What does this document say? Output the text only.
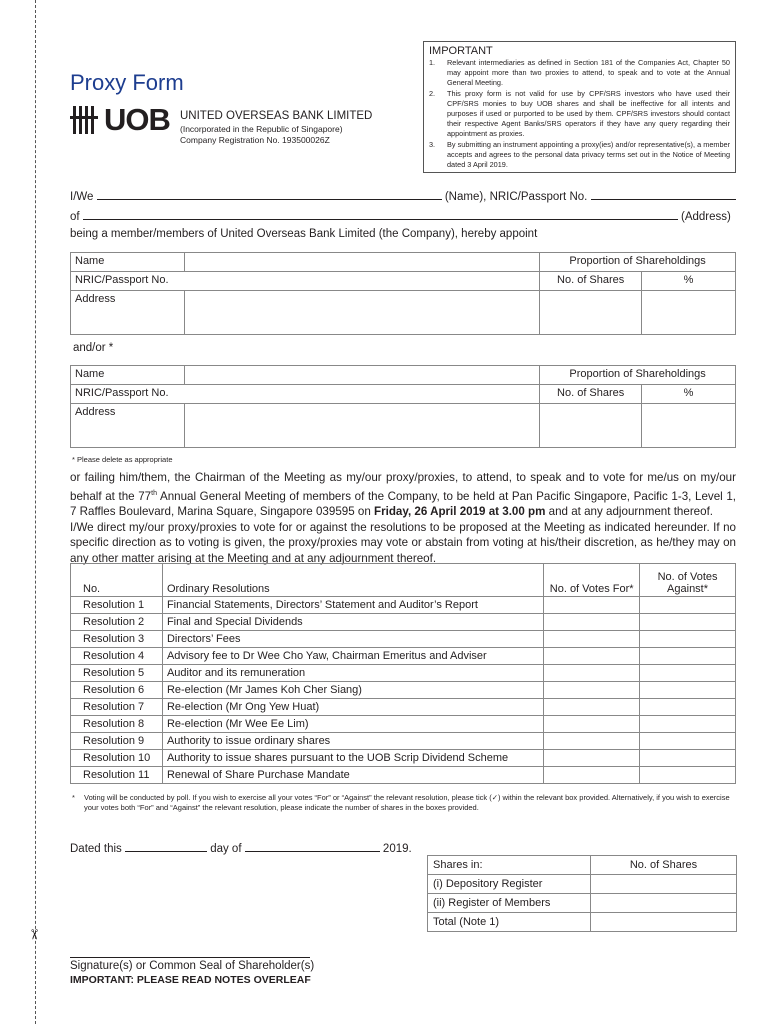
✂
Proxy Form
UOB UNITED OVERSEAS BANK LIMITED
(Incorporated in the Republic of Singapore)
Company Registration No. 193500026Z
IMPORTANT
1.	Relevant intermediaries as defined in Section 181 of the Companies Act, Chapter 50 may appoint more than two proxies to attend, to speak and to vote at the Annual General Meeting.
2.	This proxy form is not valid for use by CPF/SRS investors who have used their CPF/SRS monies to buy UOB shares and shall be ineffective for all intents and purposes if used or purported to be used by them. CPF/SRS investors should contact their respective Agent Banks/SRS operators if they have any query regarding their appointment as proxies.
3.	By submitting an instrument appointing a proxy(ies) and/or representative(s), a member accepts and agrees to the personal data privacy terms set out in the Notice of Meeting dated 3 April 2019.
I/We	(Name), NRIC/Passport No.
of	(Address)
being a member/members of United Overseas Bank Limited (the Company), hereby appoint
Name		Proportion of Shareholdings	
NRIC/Passport No.		No. of Shares	%
Address			
and/or *
Name		Proportion of Shareholdings	
NRIC/Passport No.		No. of Shares	%
Address			
* Please delete as appropriate

or failing him/them, the Chairman of the Meeting as my/our proxy/proxies, to attend, to speak and to vote for me/us on my/our behalf at the 77th Annual General Meeting of members of the Company, to be held at Pan Pacific Singapore, Pacific 1-3, Level 1, 7 Raffles Boulevard, Marina Square, Singapore 039595 on Friday, 26 April 2019 at 3.00 pm and at any adjournment thereof.

I/We direct my/our proxy/proxies to vote for or against the resolutions to be proposed at the Meeting as indicated hereunder. If no specific direction as to voting is given, the proxy/proxies may vote or abstain from voting at his/their discretion, as he/they may on any other matter arising at the Meeting and at any adjournment thereof.

No.	Ordinary Resolutions	No. of Votes For*	No. of Votes Against*
Resolution 1	Financial Statements, Directors’ Statement and Auditor’s Report		
Resolution 2	Final and Special Dividends		
Resolution 3	Directors’ Fees		
Resolution 4	Advisory fee to Dr Wee Cho Yaw, Chairman Emeritus and Adviser		
Resolution 5	Auditor and its remuneration		
Resolution 6	Re-election (Mr James Koh Cher Siang)		
Resolution 7	Re-election (Mr Ong Yew Huat)		
Resolution 8	Re-election (Mr Wee Ee Lim)		
Resolution 9	Authority to issue ordinary shares		
Resolution 10	Authority to issue shares pursuant to the UOB Scrip Dividend Scheme		
Resolution 11	Renewal of Share Purchase Mandate		
*	Voting will be conducted by poll. If you wish to exercise all your votes “For” or “Against” the relevant resolution, please tick (✓) within the relevant box provided. Alternatively, if you wish to exercise your votes both “For” and “Against” the relevant resolution, please indicate the number of shares in the boxes provided.
Dated this	day of	2019.
Shares in:	No. of Shares
(i) Depository Register	
(ii) Register of Members	
Total (Note 1)	
Signature(s) or Common Seal of Shareholder(s)
IMPORTANT: PLEASE READ NOTES OVERLEAF
